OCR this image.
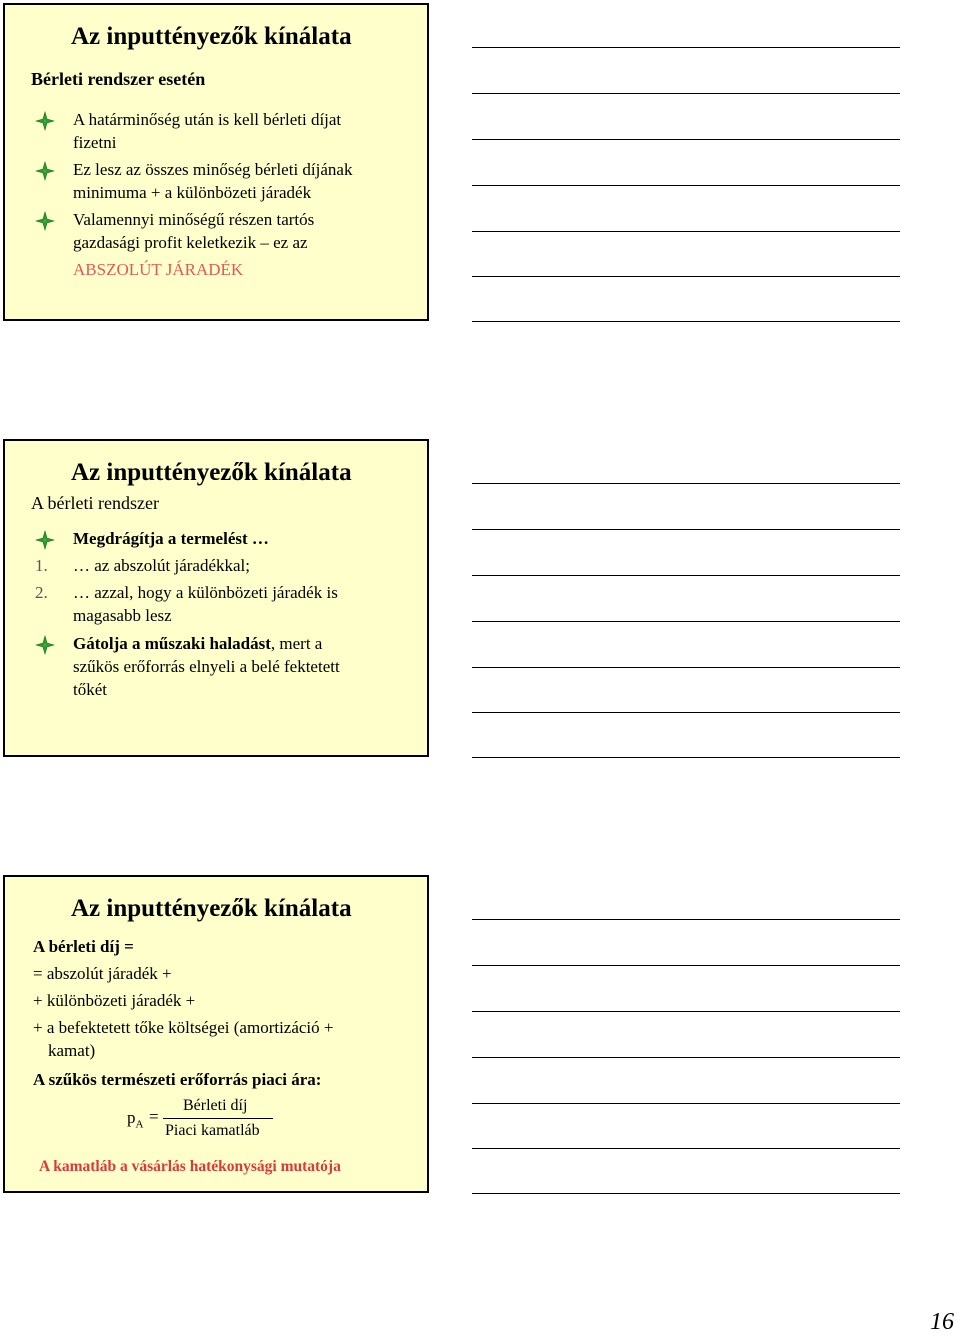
Az inputtényezők kínálata
Bérleti rendszer esetén
A határminőség után is kell bérleti díjat
fizetni
Ez lesz az összes minőség bérleti díjának
minimuma + a különbözeti járadék
Valamennyi minőségű részen tartós
gazdasági profit keletkezik – ez az
ABSZOLÚT JÁRADÉK
Az inputtényezők kínálata
A bérleti rendszer
Megdrágítja a termelést …
1. … az abszolút járadékkal;
2. … azzal, hogy a különbözeti járadék is
magasabb lesz
Gátolja a műszaki haladást, mert a
szűkös erőforrás elnyeli a belé fektetett
tőkét
Az inputtényezők kínálata
A bérleti díj =
= abszolút járadék +
+ különbözeti járadék +
+ a befektetett tőke költségei (amortizáció +
kamat)
A szűkös természeti erőforrás piaci ára:
$p_A$ =
Bérleti díj
Piaci kamatláb
A kamatláb a vásárlás hatékonysági mutatója
16
